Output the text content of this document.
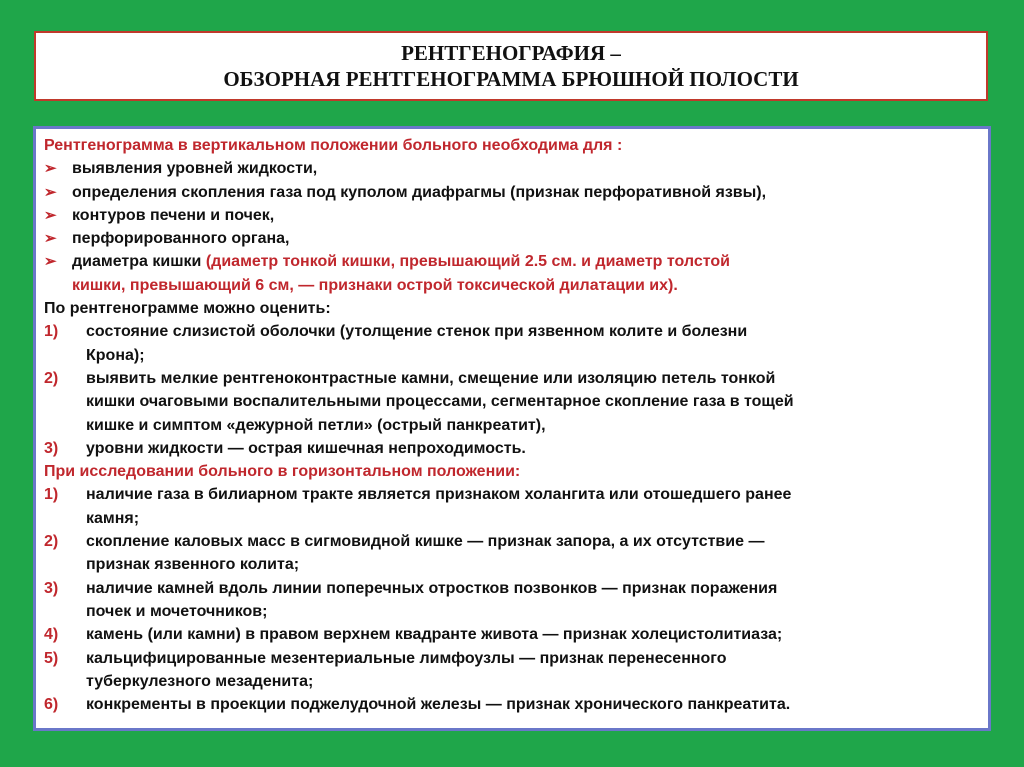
РЕНТГЕНОГРАФИЯ –
ОБЗОРНАЯ РЕНТГЕНОГРАММА БРЮШНОЙ ПОЛОСТИ
Рентгенограмма в вертикальном положении больного необходима для :
➢ выявления уровней жидкости,
➢ определения скопления газа под куполом диафрагмы (признак перфоративной язвы),
➢ контуров печени и почек,
➢ перфорированного органа,
➢ диаметра кишки (диаметр тонкой кишки, превышающий 2.5 см. и диаметр толстой
кишки, превышающий 6 см, — признаки острой токсической дилатации их).
По рентгенограмме можно оценить:
1) состояние слизистой оболочки (утолщение стенок при язвенном колите и болезни
Крона);
2) выявить мелкие рентгеноконтрастные камни, смещение или изоляцию петель тонкой
кишки очаговыми воспалительными процессами, сегментарное скопление газа в тощей
кишке и симптом «дежурной петли» (острый панкреатит),
3) уровни жидкости — острая кишечная непроходимость.
При исследовании больного в горизонтальном положении:
1) наличие газа в билиарном тракте является признаком холангита или отошедшего ранее
камня;
2) скопление каловых масс в сигмовидной кишке — признак запора, а их отсутствие —
признак язвенного колита;
3) наличие камней вдоль линии поперечных отростков позвонков — признак поражения
почек и мочеточников;
4) камень (или камни) в правом верхнем квадранте живота — признак холецистолитиаза;
5) кальцифицированные мезентериальные лимфоузлы — признак перенесенного
туберкулезного мезаденита;
6) конкременты в проекции поджелудочной железы — признак хронического панкреатита.
